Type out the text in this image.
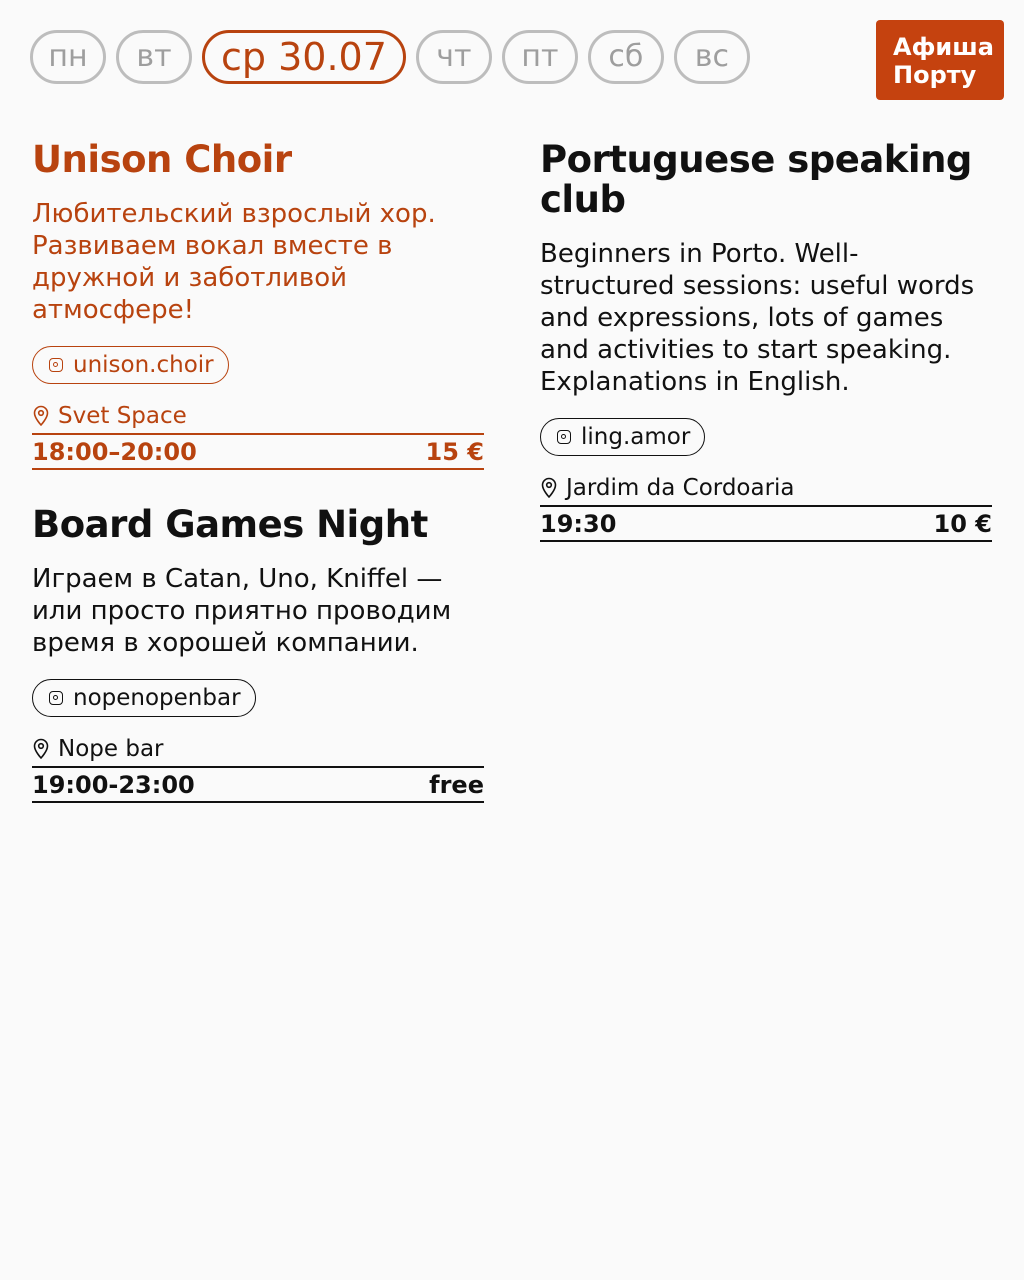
пн	вт	ср 30.07	чт	пт	сб	вс	Афиша
Порту
Unison Choir

Любительский взрослый хор. Развиваем вокал вместе в дружной и заботливой атмосфере!

unison.choir
Svet Space
18:00–20:00	15 €
Board Games Night

Играем в Catan, Uno, Kniffel — или просто приятно проводим время в хорошей компании.

nopenopenbar
Nope bar
19:00-23:00	free
Portuguese speaking club

Beginners in Porto. Well-structured sessions: useful words and expressions, lots of games and activities to start speaking. Explanations in English.

ling.amor
Jardim da Cordoaria
19:30	10 €
